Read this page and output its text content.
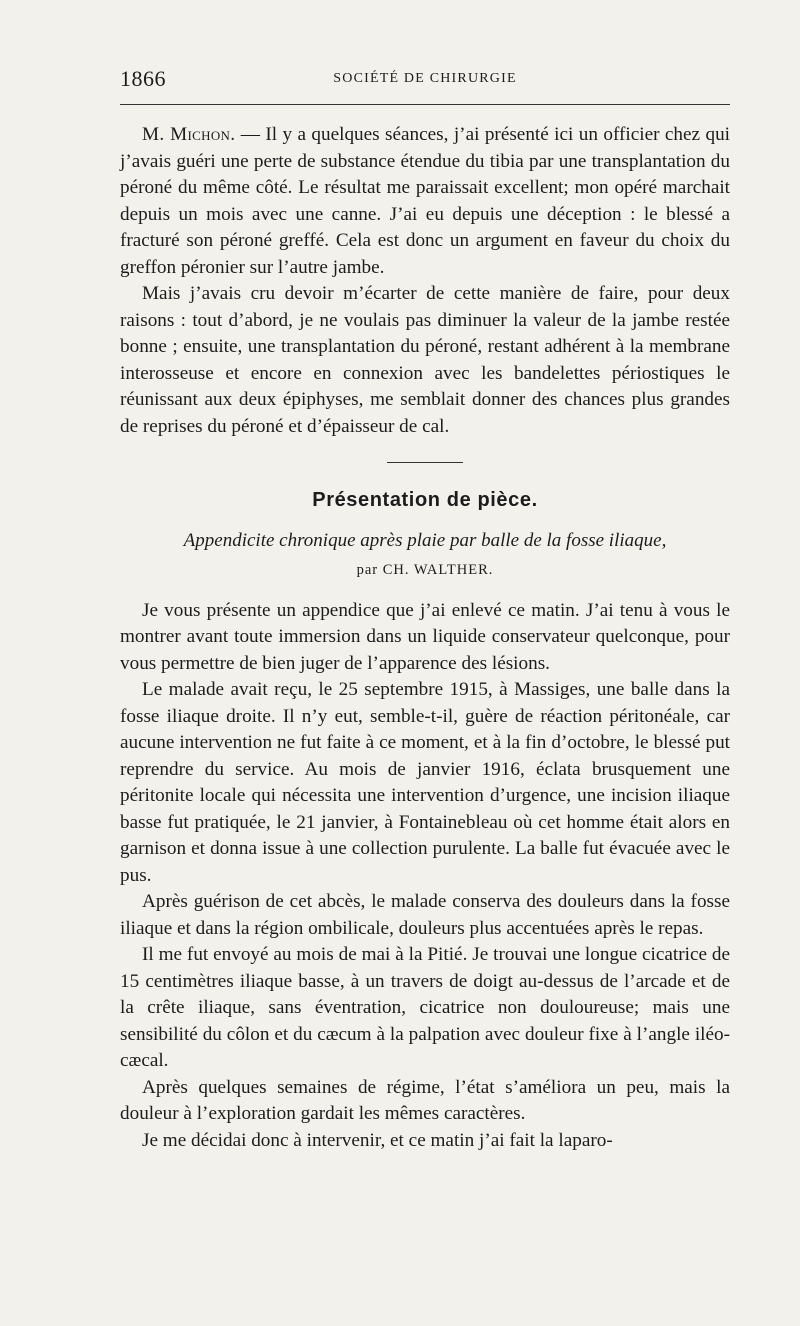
1866	SOCIÉTÉ DE CHIRURGIE

M. Michon. — Il y a quelques séances, j’ai présenté ici un officier chez qui j’avais guéri une perte de substance étendue du tibia par une transplantation du péroné du même côté. Le résultat me paraissait excellent; mon opéré marchait depuis un mois avec une canne. J’ai eu depuis une déception : le blessé a fracturé son péroné greffé. Cela est donc un argument en faveur du choix du greffon péronier sur l’autre jambe.

Mais j’avais cru devoir m’écarter de cette manière de faire, pour deux raisons : tout d’abord, je ne voulais pas diminuer la valeur de la jambe restée bonne ; ensuite, une transplantation du péroné, restant adhérent à la membrane interosseuse et encore en connexion avec les bandelettes périostiques le réunissant aux deux épiphyses, me semblait donner des chances plus grandes de reprises du péroné et d’épaisseur de cal.

Présentation de pièce.
Appendicite chronique après plaie par balle de la fosse iliaque,
par CH. WALTHER.

Je vous présente un appendice que j’ai enlevé ce matin. J’ai tenu à vous le montrer avant toute immersion dans un liquide conservateur quelconque, pour vous permettre de bien juger de l’apparence des lésions.

Le malade avait reçu, le 25 septembre 1915, à Massiges, une balle dans la fosse iliaque droite. Il n’y eut, semble-t-il, guère de réaction péritonéale, car aucune intervention ne fut faite à ce moment, et à la fin d’octobre, le blessé put reprendre du service. Au mois de janvier 1916, éclata brusquement une péritonite locale qui nécessita une intervention d’urgence, une incision iliaque basse fut pratiquée, le 21 janvier, à Fontainebleau où cet homme était alors en garnison et donna issue à une collection purulente. La balle fut évacuée avec le pus.

Après guérison de cet abcès, le malade conserva des douleurs dans la fosse iliaque et dans la région ombilicale, douleurs plus accentuées après le repas.

Il me fut envoyé au mois de mai à la Pitié. Je trouvai une longue cicatrice de 15 centimètres iliaque basse, à un travers de doigt au-dessus de l’arcade et de la crête iliaque, sans éventration, cicatrice non douloureuse; mais une sensibilité du côlon et du cæcum à la palpation avec douleur fixe à l’angle iléo-cæcal.

Après quelques semaines de régime, l’état s’améliora un peu, mais la douleur à l’exploration gardait les mêmes caractères.

Je me décidai donc à intervenir, et ce matin j’ai fait la laparo-
